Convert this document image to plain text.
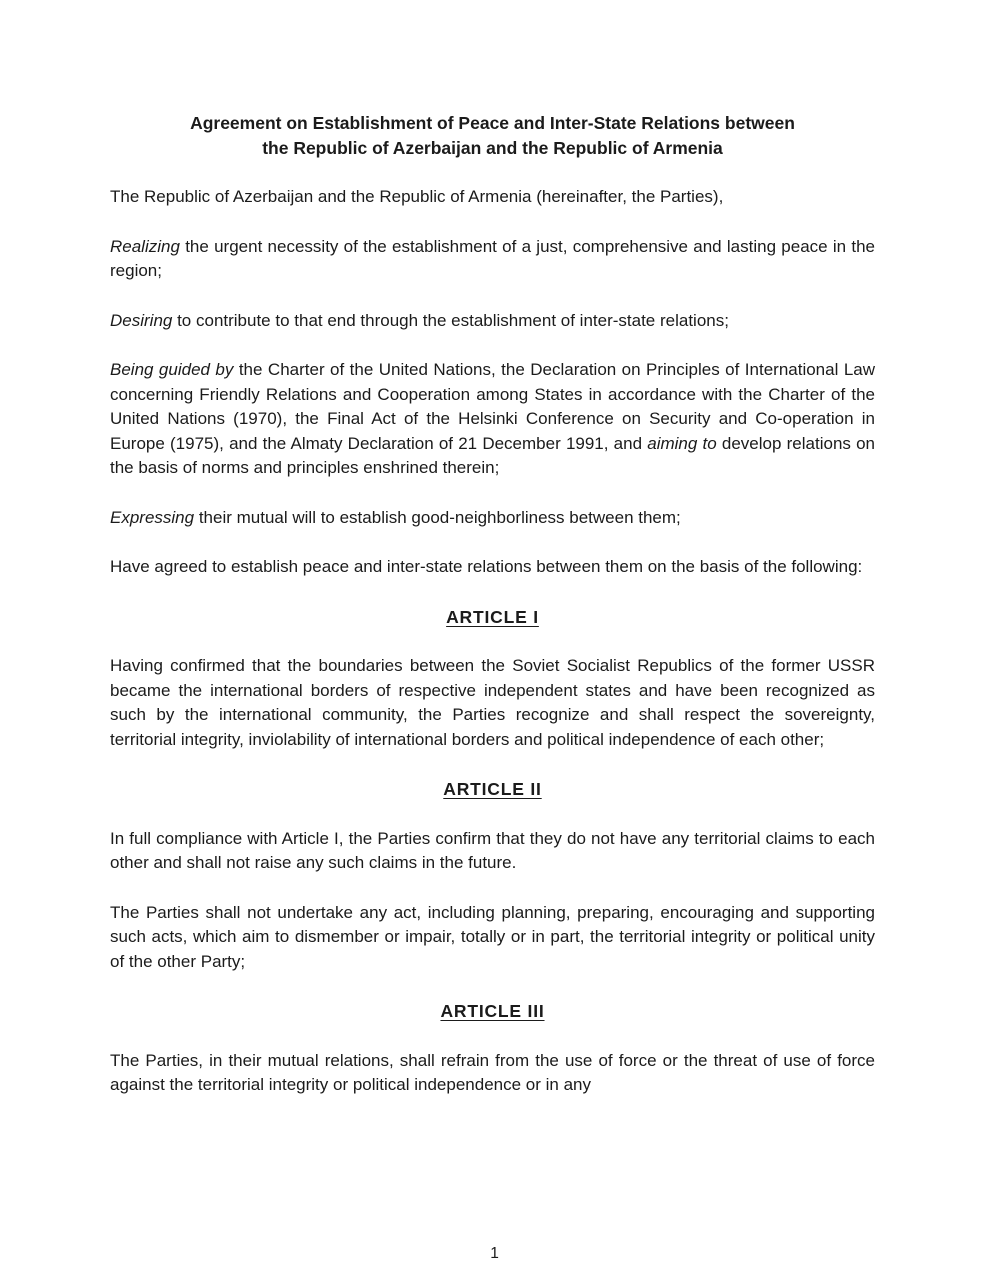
Agreement on Establishment of Peace and Inter-State Relations between
the Republic of Azerbaijan and the Republic of Armenia

The Republic of Azerbaijan and the Republic of Armenia (hereinafter, the Parties),

Realizing the urgent necessity of the establishment of a just, comprehensive and lasting peace in the region;

Desiring to contribute to that end through the establishment of inter-state relations;

Being guided by the Charter of the United Nations, the Declaration on Principles of International Law concerning Friendly Relations and Cooperation among States in accordance with the Charter of the United Nations (1970), the Final Act of the Helsinki Conference on Security and Co-operation in Europe (1975), and the Almaty Declaration of 21 December 1991, and aiming to develop relations on the basis of norms and principles enshrined therein;

Expressing their mutual will to establish good-neighborliness between them;

Have agreed to establish peace and inter-state relations between them on the basis of the following:

ARTICLE I

Having confirmed that the boundaries between the Soviet Socialist Republics of the former USSR became the international borders of respective independent states and have been recognized as such by the international community, the Parties recognize and shall respect the sovereignty, territorial integrity, inviolability of international borders and political independence of each other;

ARTICLE II

In full compliance with Article I, the Parties confirm that they do not have any territorial claims to each other and shall not raise any such claims in the future.

The Parties shall not undertake any act, including planning, preparing, encouraging and supporting such acts, which aim to dismember or impair, totally or in part, the territorial integrity or political unity of the other Party;

ARTICLE III

The Parties, in their mutual relations, shall refrain from the use of force or the threat of use of force against the territorial integrity or political independence or in any

1
